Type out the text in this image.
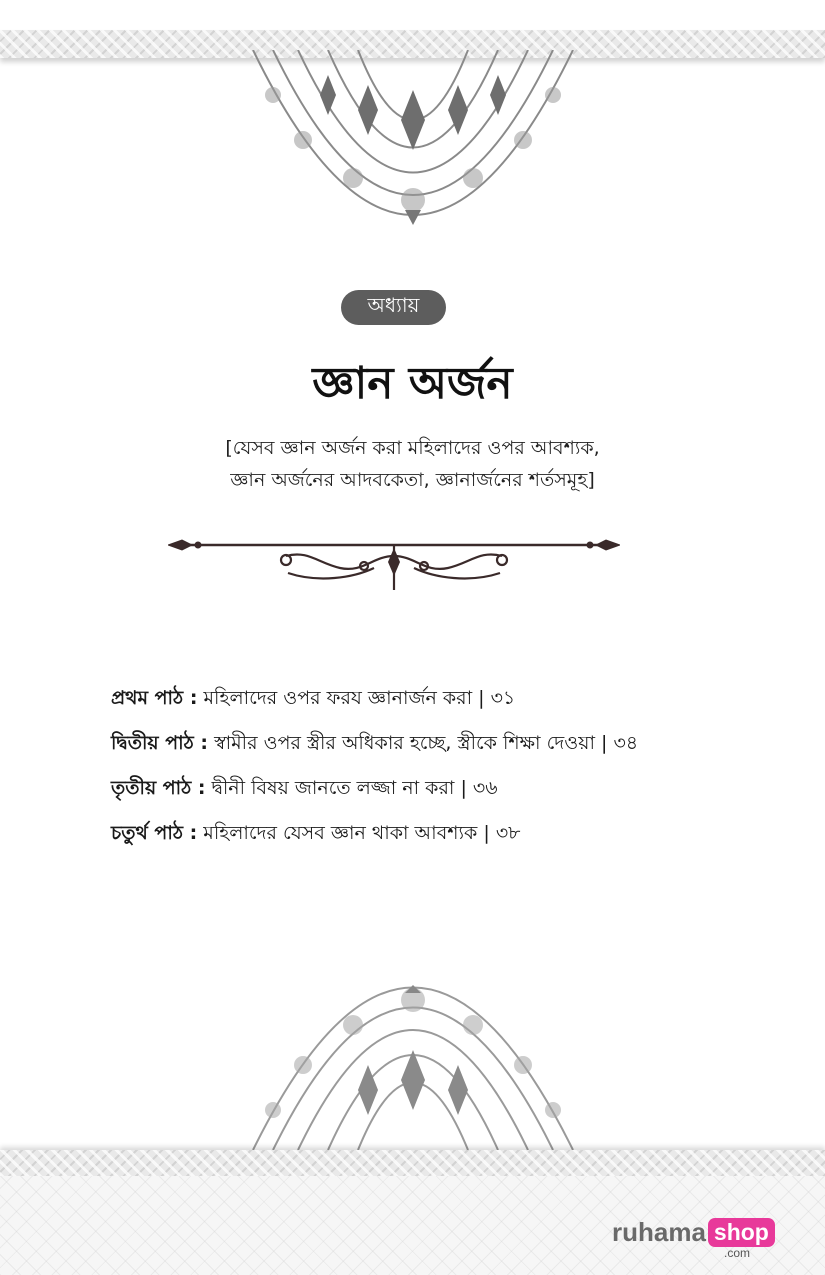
অধ্যায়
জ্ঞান অর্জন
[যেসব জ্ঞান অর্জন করা মহিলাদের ওপর আবশ্যক,
জ্ঞান অর্জনের আদবকেতা, জ্ঞানার্জনের শর্তসমূহ]
প্রথম পাঠ : মহিলাদের ওপর ফরয জ্ঞানার্জন করা | ৩১
দ্বিতীয় পাঠ : স্বামীর ওপর স্ত্রীর অধিকার হচ্ছে, স্ত্রীকে শিক্ষা দেওয়া | ৩৪
তৃতীয় পাঠ : দ্বীনী বিষয় জানতে লজ্জা না করা | ৩৬
চতুর্থ পাঠ : মহিলাদের যেসব জ্ঞান থাকা আবশ্যক | ৩৮
ruhama shop
.com
